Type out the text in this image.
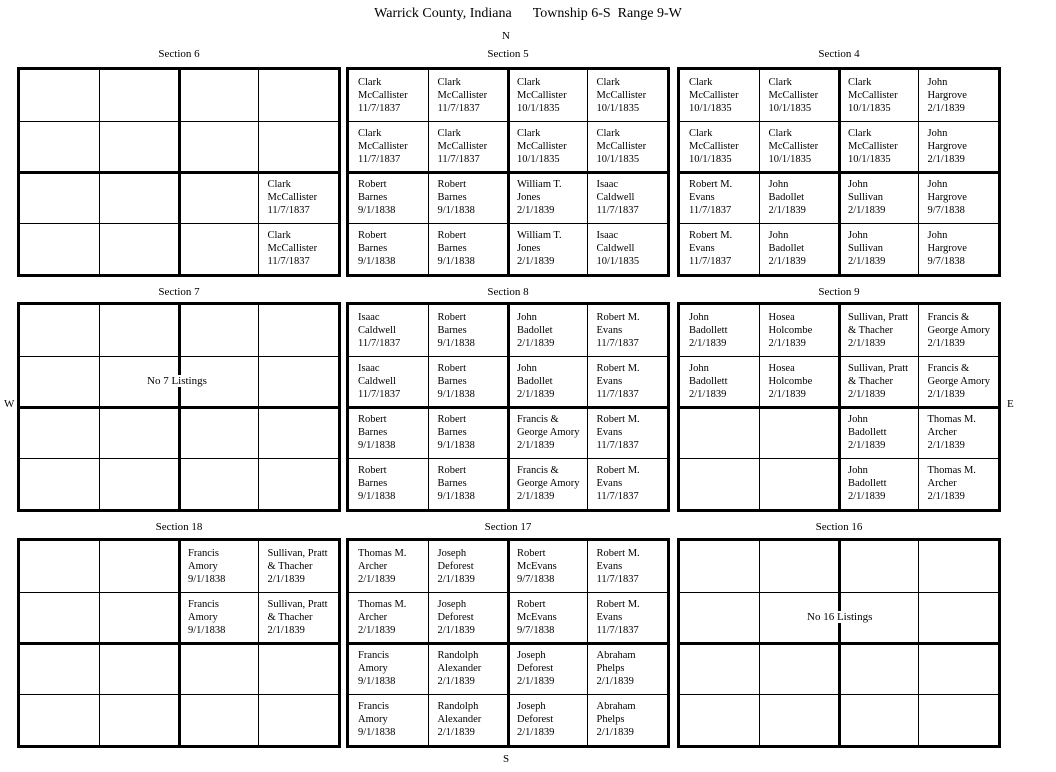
Warrick County, Indiana Township 6-S  Range 9-W
N
S
W	E
Section 6
Clark
McCallister
11/7/1837
Clark
McCallister
11/7/1837
Section 5
Clark
McCallister
11/7/1837
Clark
McCallister
11/7/1837
Clark
McCallister
10/1/1835
Clark
McCallister
10/1/1835
Clark
McCallister
11/7/1837
Clark
McCallister
11/7/1837
Clark
McCallister
10/1/1835
Clark
McCallister
10/1/1835
Robert
Barnes
9/1/1838
Robert
Barnes
9/1/1838
William T.
Jones
2/1/1839
Isaac
Caldwell
11/7/1837
Robert
Barnes
9/1/1838
Robert
Barnes
9/1/1838
William T.
Jones
2/1/1839
Isaac
Caldwell
10/1/1835
Section 4
Clark
McCallister
10/1/1835
Clark
McCallister
10/1/1835
Clark
McCallister
10/1/1835
John
Hargrove
2/1/1839
Clark
McCallister
10/1/1835
Clark
McCallister
10/1/1835
Clark
McCallister
10/1/1835
John
Hargrove
2/1/1839
Robert M.
Evans
11/7/1837
John
Badollet
2/1/1839
John
Sullivan
2/1/1839
John
Hargrove
9/7/1838
Robert M.
Evans
11/7/1837
John
Badollet
2/1/1839
John
Sullivan
2/1/1839
John
Hargrove
9/7/1838
Section 7
No 7 Listings
Section 8
Isaac
Caldwell
11/7/1837
Robert
Barnes
9/1/1838
John
Badollet
2/1/1839
Robert M.
Evans
11/7/1837
Isaac
Caldwell
11/7/1837
Robert
Barnes
9/1/1838
John
Badollet
2/1/1839
Robert M.
Evans
11/7/1837
Robert
Barnes
9/1/1838
Robert
Barnes
9/1/1838
Francis &
George Amory
2/1/1839
Robert M.
Evans
11/7/1837
Robert
Barnes
9/1/1838
Robert
Barnes
9/1/1838
Francis &
George Amory
2/1/1839
Robert M.
Evans
11/7/1837
Section 9
John
Badollett
2/1/1839
Hosea
Holcombe
2/1/1839
Sullivan, Pratt
& Thacher
2/1/1839
Francis &
George Amory
2/1/1839
John
Badollett
2/1/1839
Hosea
Holcombe
2/1/1839
Sullivan, Pratt
& Thacher
2/1/1839
Francis &
George Amory
2/1/1839
John
Badollett
2/1/1839
Thomas M.
Archer
2/1/1839
John
Badollett
2/1/1839
Thomas M.
Archer
2/1/1839
Section 18
Francis
Amory
9/1/1838
Sullivan, Pratt
& Thacher
2/1/1839
Francis
Amory
9/1/1838
Sullivan, Pratt
& Thacher
2/1/1839
Section 17
Thomas M.
Archer
2/1/1839
Joseph
Deforest
2/1/1839
Robert
McEvans
9/7/1838
Robert M.
Evans
11/7/1837
Thomas M.
Archer
2/1/1839
Joseph
Deforest
2/1/1839
Robert
McEvans
9/7/1838
Robert M.
Evans
11/7/1837
Francis
Amory
9/1/1838
Randolph
Alexander
2/1/1839
Joseph
Deforest
2/1/1839
Abraham
Phelps
2/1/1839
Francis
Amory
9/1/1838
Randolph
Alexander
2/1/1839
Joseph
Deforest
2/1/1839
Abraham
Phelps
2/1/1839
Section 16
No 16 Listings
